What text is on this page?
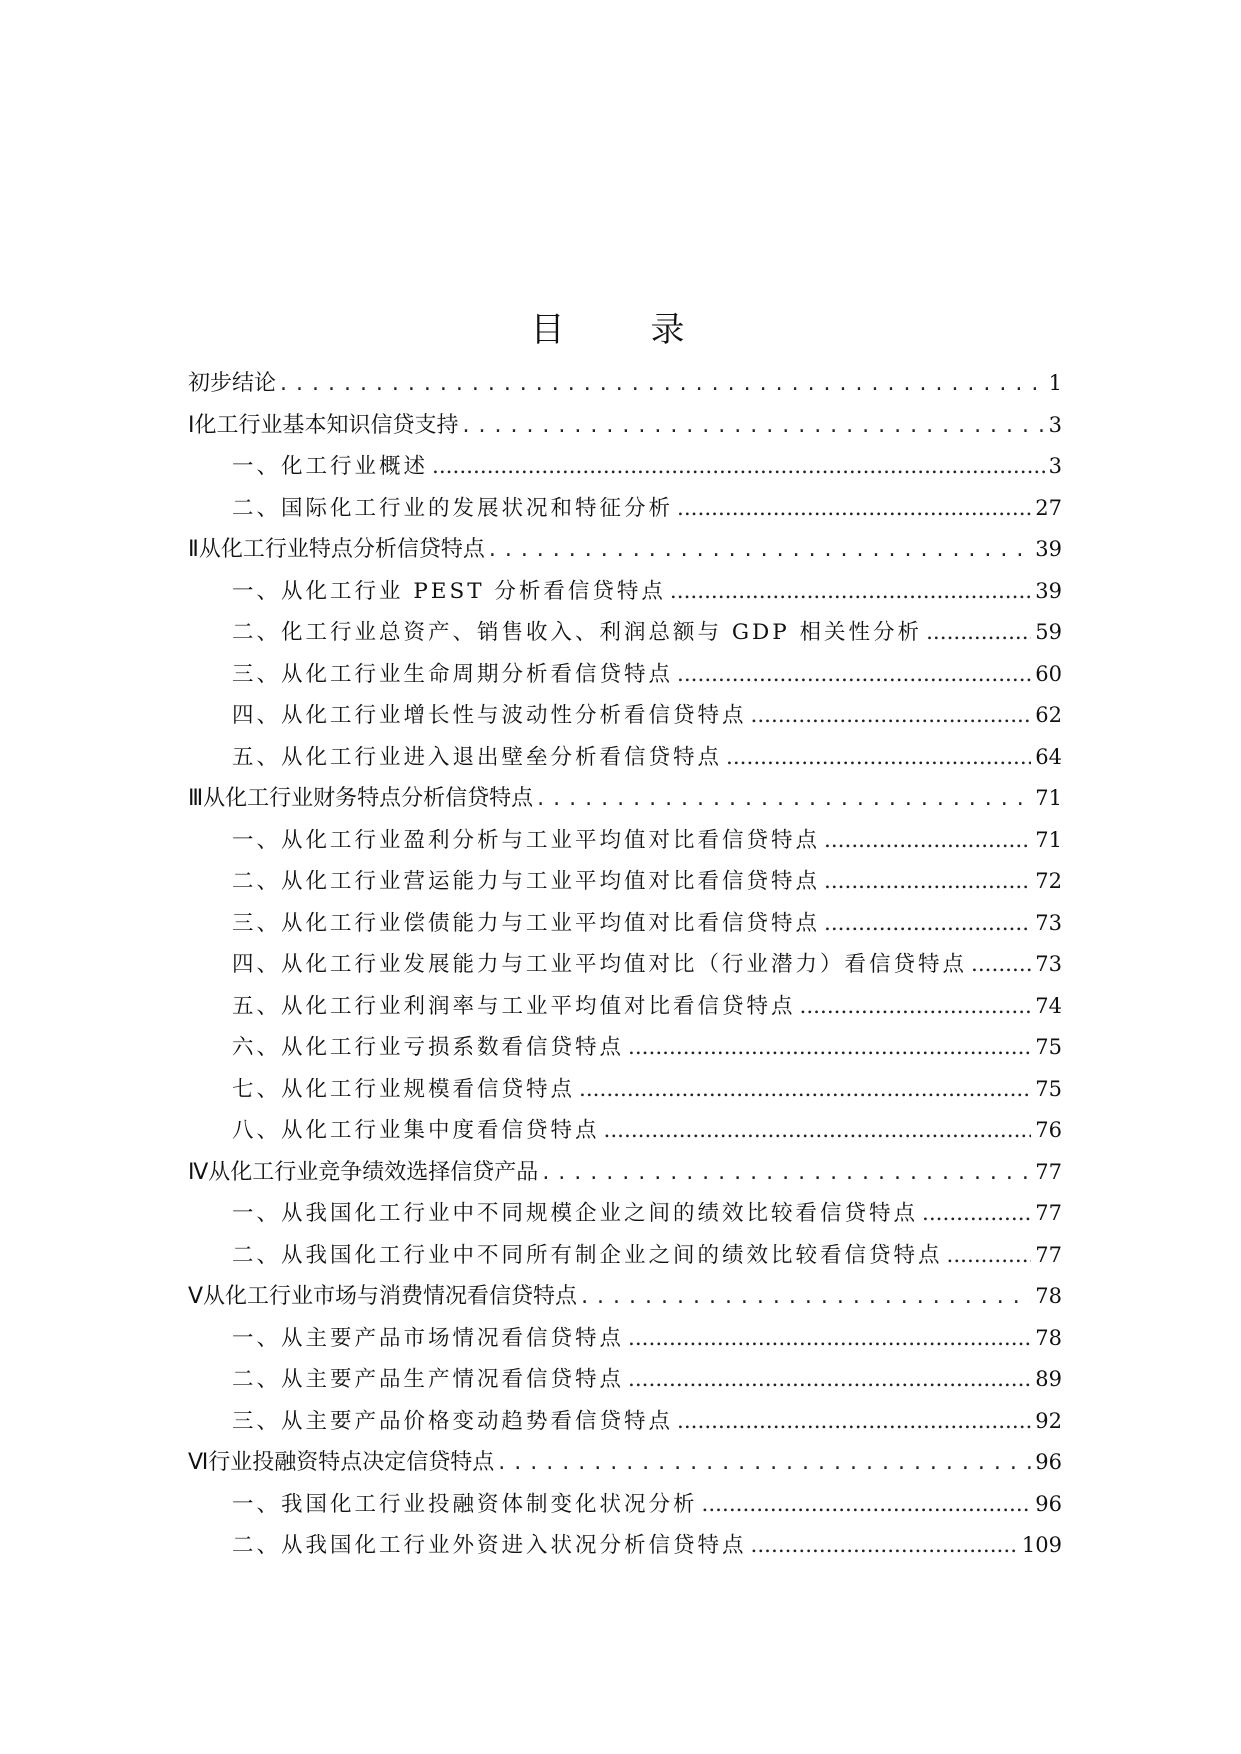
目　录
初步结论 . . .	1
Ⅰ化工行业基本知识信贷支持 . . .	3
一、化工行业概述 .....	3
二、国际化工行业的发展状况和特征分析 .....	27
Ⅱ从化工行业特点分析信贷特点 . . .	39
一、从化工行业 PEST 分析看信贷特点 .....	39
二、化工行业总资产、销售收入、利润总额与 GDP 相关性分析 .....	59
三、从化工行业生命周期分析看信贷特点 .....	60
四、从化工行业增长性与波动性分析看信贷特点 .....	62
五、从化工行业进入退出壁垒分析看信贷特点 .....	64
Ⅲ从化工行业财务特点分析信贷特点 . . .	71
一、从化工行业盈利分析与工业平均值对比看信贷特点 .....	71
二、从化工行业营运能力与工业平均值对比看信贷特点 .....	72
三、从化工行业偿债能力与工业平均值对比看信贷特点 .....	73
四、从化工行业发展能力与工业平均值对比（行业潜力）看信贷特点 .....	73
五、从化工行业利润率与工业平均值对比看信贷特点 .....	74
六、从化工行业亏损系数看信贷特点 .....	75
七、从化工行业规模看信贷特点 .....	75
八、从化工行业集中度看信贷特点 .....	76
Ⅳ从化工行业竞争绩效选择信贷产品 . . .	77
一、从我国化工行业中不同规模企业之间的绩效比较看信贷特点 .....	77
二、从我国化工行业中不同所有制企业之间的绩效比较看信贷特点 .....	77
Ⅴ从化工行业市场与消费情况看信贷特点 . . .	78
一、从主要产品市场情况看信贷特点 .....	78
二、从主要产品生产情况看信贷特点 .....	89
三、从主要产品价格变动趋势看信贷特点 .....	92
Ⅵ行业投融资特点决定信贷特点 . . .	96
一、我国化工行业投融资体制变化状况分析 .....	96
二、从我国化工行业外资进入状况分析信贷特点 .....	109
